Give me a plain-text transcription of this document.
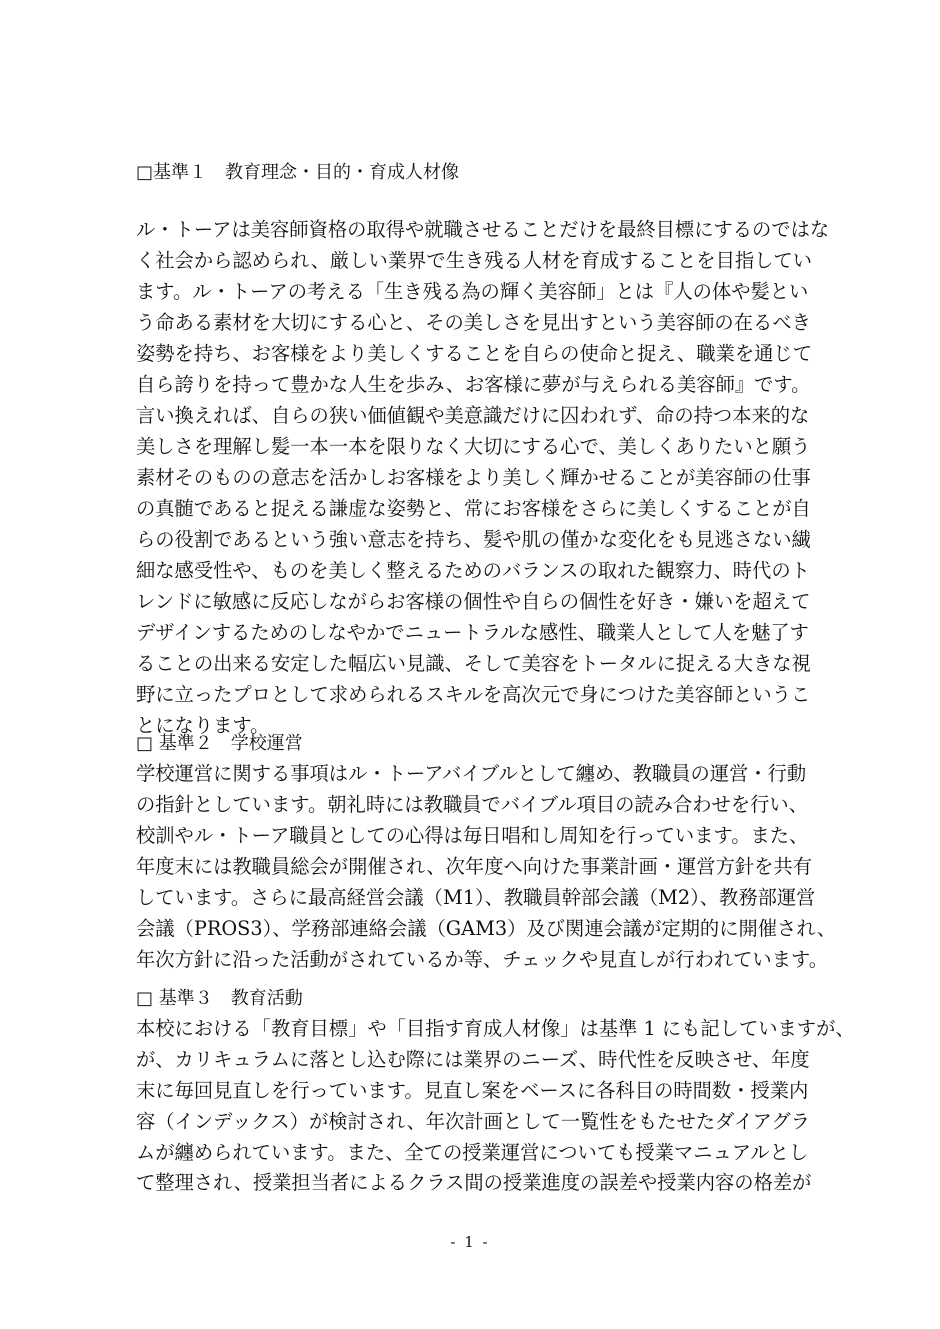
□基準１　教育理念・目的・育成人材像
ル・トーアは美容師資格の取得や就職させることだけを最終目標にするのではな
く社会から認められ、厳しい業界で生き残る人材を育成することを目指してい
ます。ル・トーアの考える「生き残る為の輝く美容師」とは『人の体や髪とい
う命ある素材を大切にする心と、その美しさを見出すという美容師の在るべき
姿勢を持ち、お客様をより美しくすることを自らの使命と捉え、職業を通じて
自ら誇りを持って豊かな人生を歩み、お客様に夢が与えられる美容師』です。
言い換えれば、自らの狭い価値観や美意識だけに囚われず、命の持つ本来的な
美しさを理解し髪一本一本を限りなく大切にする心で、美しくありたいと願う
素材そのものの意志を活かしお客様をより美しく輝かせることが美容師の仕事
の真髄であると捉える謙虚な姿勢と、常にお客様をさらに美しくすることが自
らの役割であるという強い意志を持ち、髪や肌の僅かな変化をも見逃さない繊
細な感受性や、ものを美しく整えるためのバランスの取れた観察力、時代のト
レンドに敏感に反応しながらお客様の個性や自らの個性を好き・嫌いを超えて
デザインするためのしなやかでニュートラルな感性、職業人として人を魅了す
ることの出来る安定した幅広い見識、そして美容をトータルに捉える大きな視
野に立ったプロとして求められるスキルを高次元で身につけた美容師というこ
とになります。
□ 基準２　学校運営
学校運営に関する事項はル・トーアバイブルとして纏め、教職員の運営・行動
の指針としています。朝礼時には教職員でバイブル項目の読み合わせを行い、
校訓やル・トーア職員としての心得は毎日唱和し周知を行っています。また、
年度末には教職員総会が開催され、次年度へ向けた事業計画・運営方針を共有
しています。さらに最高経営会議（M1）、教職員幹部会議（M2）、教務部運営
会議（PROS3）、学務部連絡会議（GAM3）及び関連会議が定期的に開催され、
年次方針に沿った活動がされているか等、チェックや見直しが行われています。
□ 基準３　教育活動
本校における「教育目標」や「目指す育成人材像」は基準 1 にも記していますが、
が、カリキュラムに落とし込む際には業界のニーズ、時代性を反映させ、年度
末に毎回見直しを行っています。見直し案をベースに各科目の時間数・授業内
容（インデックス）が検討され、年次計画として一覧性をもたせたダイアグラ
ムが纏められています。また、全ての授業運営についても授業マニュアルとし
て整理され、授業担当者によるクラス間の授業進度の誤差や授業内容の格差が
- 1 -
